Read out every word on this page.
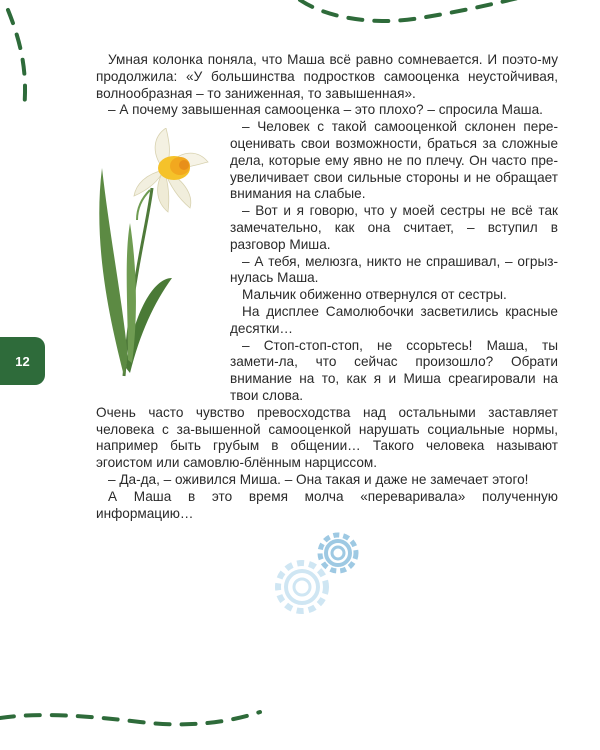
12

Умная колонка поняла, что Маша всё равно сомневается. И поэто-му продолжила: «У большинства подростков самооценка неустойчивая, волнообразная – то заниженная, то завышенная».

– А почему завышенная самооценка – это плохо? – спросила Маша.

– Человек с такой самооценкой склонен пере-оценивать свои возможности, браться за сложные дела, которые ему явно не по плечу. Он часто пре-увеличивает свои сильные стороны и не обращает внимания на слабые.

– Вот и я говорю, что у моей сестры не всё так замечательно, как она считает, – вступил в разговор Миша.

– А тебя, мелюзга, никто не спрашивал, – огрыз-нулась Маша.

Мальчик обиженно отвернулся от сестры.

На дисплее Самолюбочки засветились красные десятки…

– Стоп-стоп-стоп, не ссорьтесь! Маша, ты замети-ла, что сейчас произошло? Обрати внимание на то, как я и Миша среагировали на твои слова.

Очень часто чувство превосходства над остальными заставляет человека с за-вышенной самооценкой нарушать социальные нормы, например быть грубым в общении… Такого человека называют эгоистом или самовлю-блённым нарциссом.

– Да-да, – оживился Миша. – Она такая и даже не замечает этого!

А Маша в это время молча «переваривала» полученную информацию…
